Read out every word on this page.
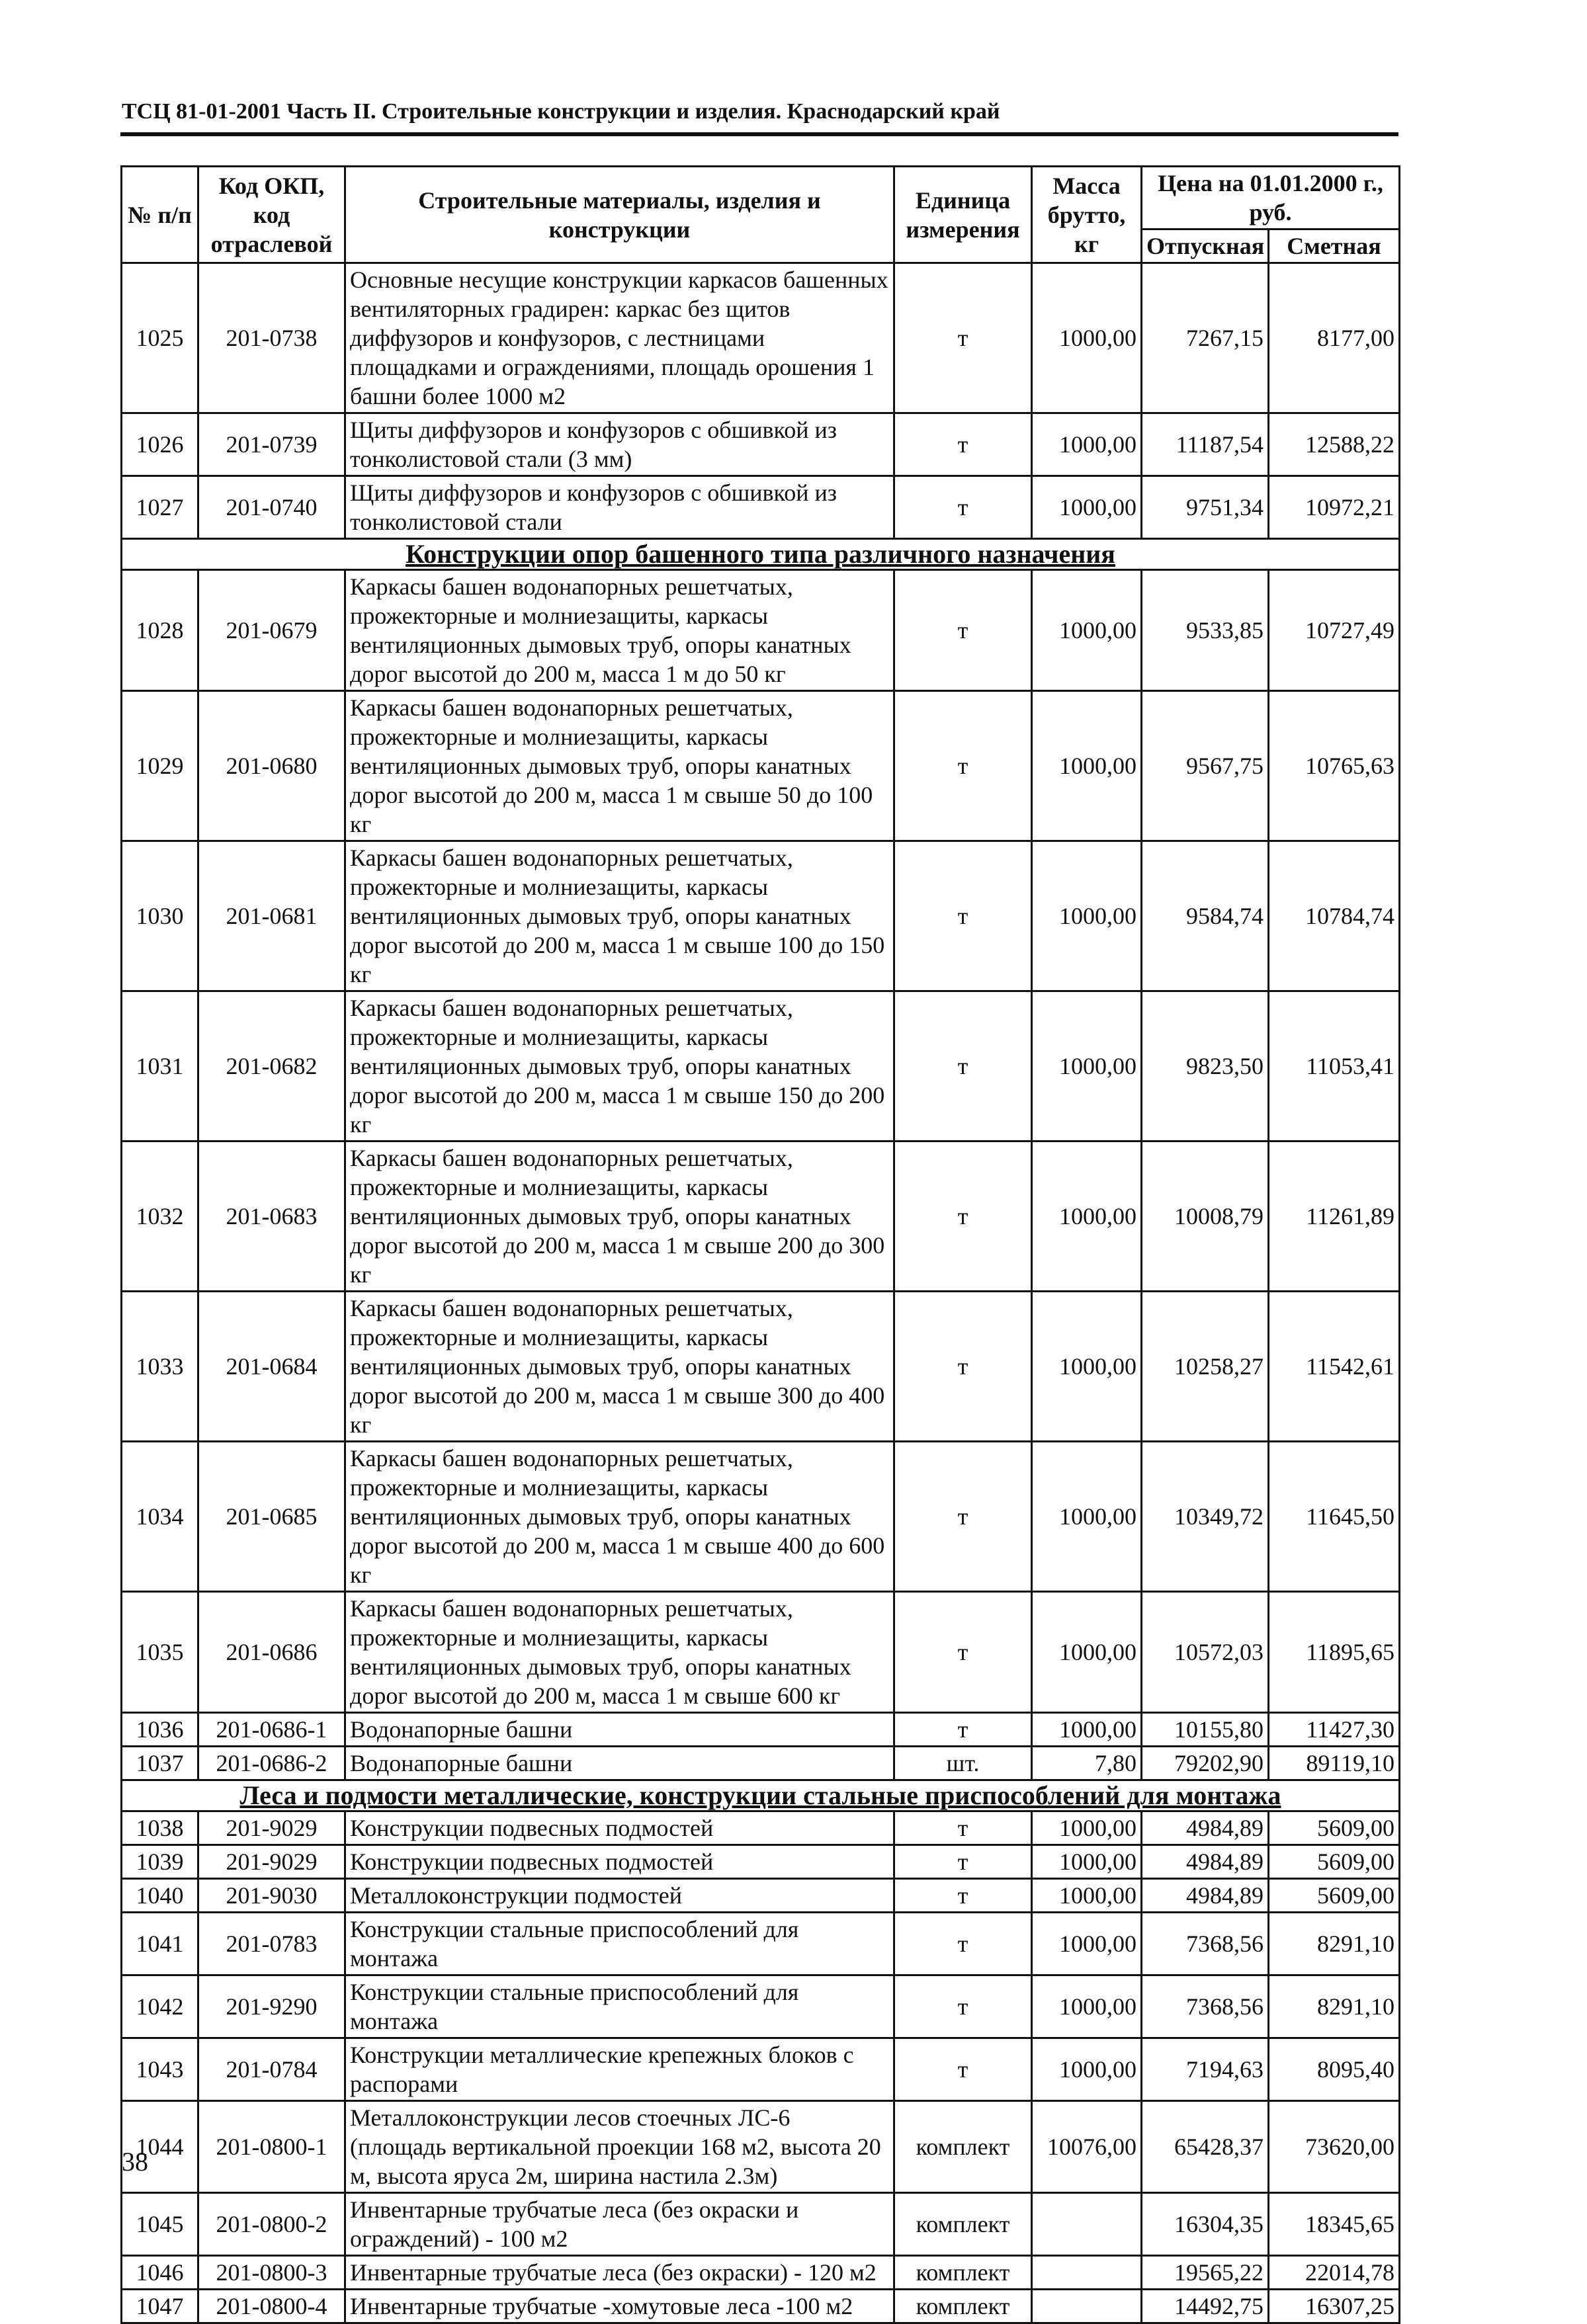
ТСЦ 81-01-2001 Часть II. Строительные конструкции и изделия. Краснодарский край
№ п/п	Код ОКП, код отраслевой	Строительные материалы, изделия и конструкции	Единица измерения	Масса брутто, кг	Цена на 01.01.2000 г., руб.	
					Отпускная	Сметная
1025	201-0738	Основные несущие конструкции каркасов башенных вентиляторных градирен: каркас без щитов диффузоров и конфузоров, с лестницами площадками и ограждениями, площадь орошения 1 башни более 1000 м2	т	1000,00	7267,15	8177,00
1026	201-0739	Щиты диффузоров и конфузоров с обшивкой из тонколистовой стали (3 мм)	т	1000,00	11187,54	12588,22
1027	201-0740	Щиты диффузоров и конфузоров с обшивкой из тонколистовой стали	т	1000,00	9751,34	10972,21
Конструкции опор башенного типа различного назначения						
1028	201-0679	Каркасы башен водонапорных решетчатых, прожекторные и молниезащиты, каркасы вентиляционных дымовых труб, опоры канатных дорог высотой до 200 м, масса 1 м до 50 кг	т	1000,00	9533,85	10727,49
1029	201-0680	Каркасы башен водонапорных решетчатых, прожекторные и молниезащиты, каркасы вентиляционных дымовых труб, опоры канатных дорог высотой до 200 м, масса 1 м свыше 50 до 100 кг	т	1000,00	9567,75	10765,63
1030	201-0681	Каркасы башен водонапорных решетчатых, прожекторные и молниезащиты, каркасы вентиляционных дымовых труб, опоры канатных дорог высотой до 200 м, масса 1 м свыше 100 до 150 кг	т	1000,00	9584,74	10784,74
1031	201-0682	Каркасы башен водонапорных решетчатых, прожекторные и молниезащиты, каркасы вентиляционных дымовых труб, опоры канатных дорог высотой до 200 м, масса 1 м свыше 150 до 200 кг	т	1000,00	9823,50	11053,41
1032	201-0683	Каркасы башен водонапорных решетчатых, прожекторные и молниезащиты, каркасы вентиляционных дымовых труб, опоры канатных дорог высотой до 200 м, масса 1 м свыше 200 до 300 кг	т	1000,00	10008,79	11261,89
1033	201-0684	Каркасы башен водонапорных решетчатых, прожекторные и молниезащиты, каркасы вентиляционных дымовых труб, опоры канатных дорог высотой до 200 м, масса 1 м свыше 300 до 400 кг	т	1000,00	10258,27	11542,61
1034	201-0685	Каркасы башен водонапорных решетчатых, прожекторные и молниезащиты, каркасы вентиляционных дымовых труб, опоры канатных дорог высотой до 200 м, масса 1 м свыше 400 до 600 кг	т	1000,00	10349,72	11645,50
1035	201-0686	Каркасы башен водонапорных решетчатых, прожекторные и молниезащиты, каркасы вентиляционных дымовых труб, опоры канатных дорог высотой до 200 м, масса 1 м свыше 600 кг	т	1000,00	10572,03	11895,65
1036	201-0686-1	Водонапорные башни	т	1000,00	10155,80	11427,30
1037	201-0686-2	Водонапорные башни	шт.	7,80	79202,90	89119,10
Леса и подмости металлические, конструкции стальные приспособлений для монтажа						
1038	201-9029	Конструкции подвесных подмостей	т	1000,00	4984,89	5609,00
1039	201-9029	Конструкции подвесных подмостей	т	1000,00	4984,89	5609,00
1040	201-9030	Металлоконструкции подмостей	т	1000,00	4984,89	5609,00
1041	201-0783	Конструкции стальные приспособлений для монтажа	т	1000,00	7368,56	8291,10
1042	201-9290	Конструкции стальные приспособлений для монтажа	т	1000,00	7368,56	8291,10
1043	201-0784	Конструкции металлические крепежных блоков с распорами	т	1000,00	7194,63	8095,40
1044	201-0800-1	Металлоконструкции лесов стоечных ЛС-6 (площадь вертикальной проекции 168 м2, высота 20 м, высота яруса 2м, ширина настила 2.3м)	комплект	10076,00	65428,37	73620,00
1045	201-0800-2	Инвентарные трубчатые леса (без окраски и ограждений) - 100 м2	комплект		16304,35	18345,65
1046	201-0800-3	Инвентарные трубчатые леса (без окраски) - 120 м2	комплект		19565,22	22014,78
1047	201-0800-4	Инвентарные трубчатые -хомутовые леса -100 м2	комплект		14492,75	16307,25
38
